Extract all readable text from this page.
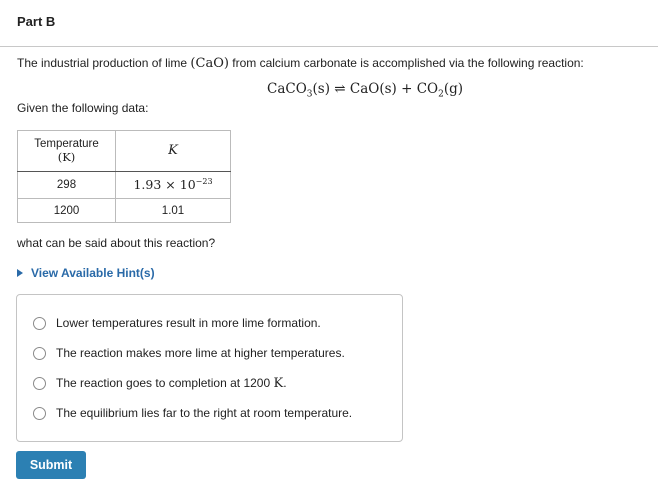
Part B
The industrial production of lime (CaO) from calcium carbonate is accomplished via the following reaction:
CaCO$_3$(s) ⇌ $CaO(s) + CO_2(g)$
Given the following data:
Temperature
(K)	K
298	$1.93 \times 10^{-23}$
1200	1.01
what can be said about this reaction?
View Available Hint(s)
Lower temperatures result in more lime formation.
The reaction makes more lime at higher temperatures.
The reaction goes to completion at 1200 K.
The equilibrium lies far to the right at room temperature.
Submit
